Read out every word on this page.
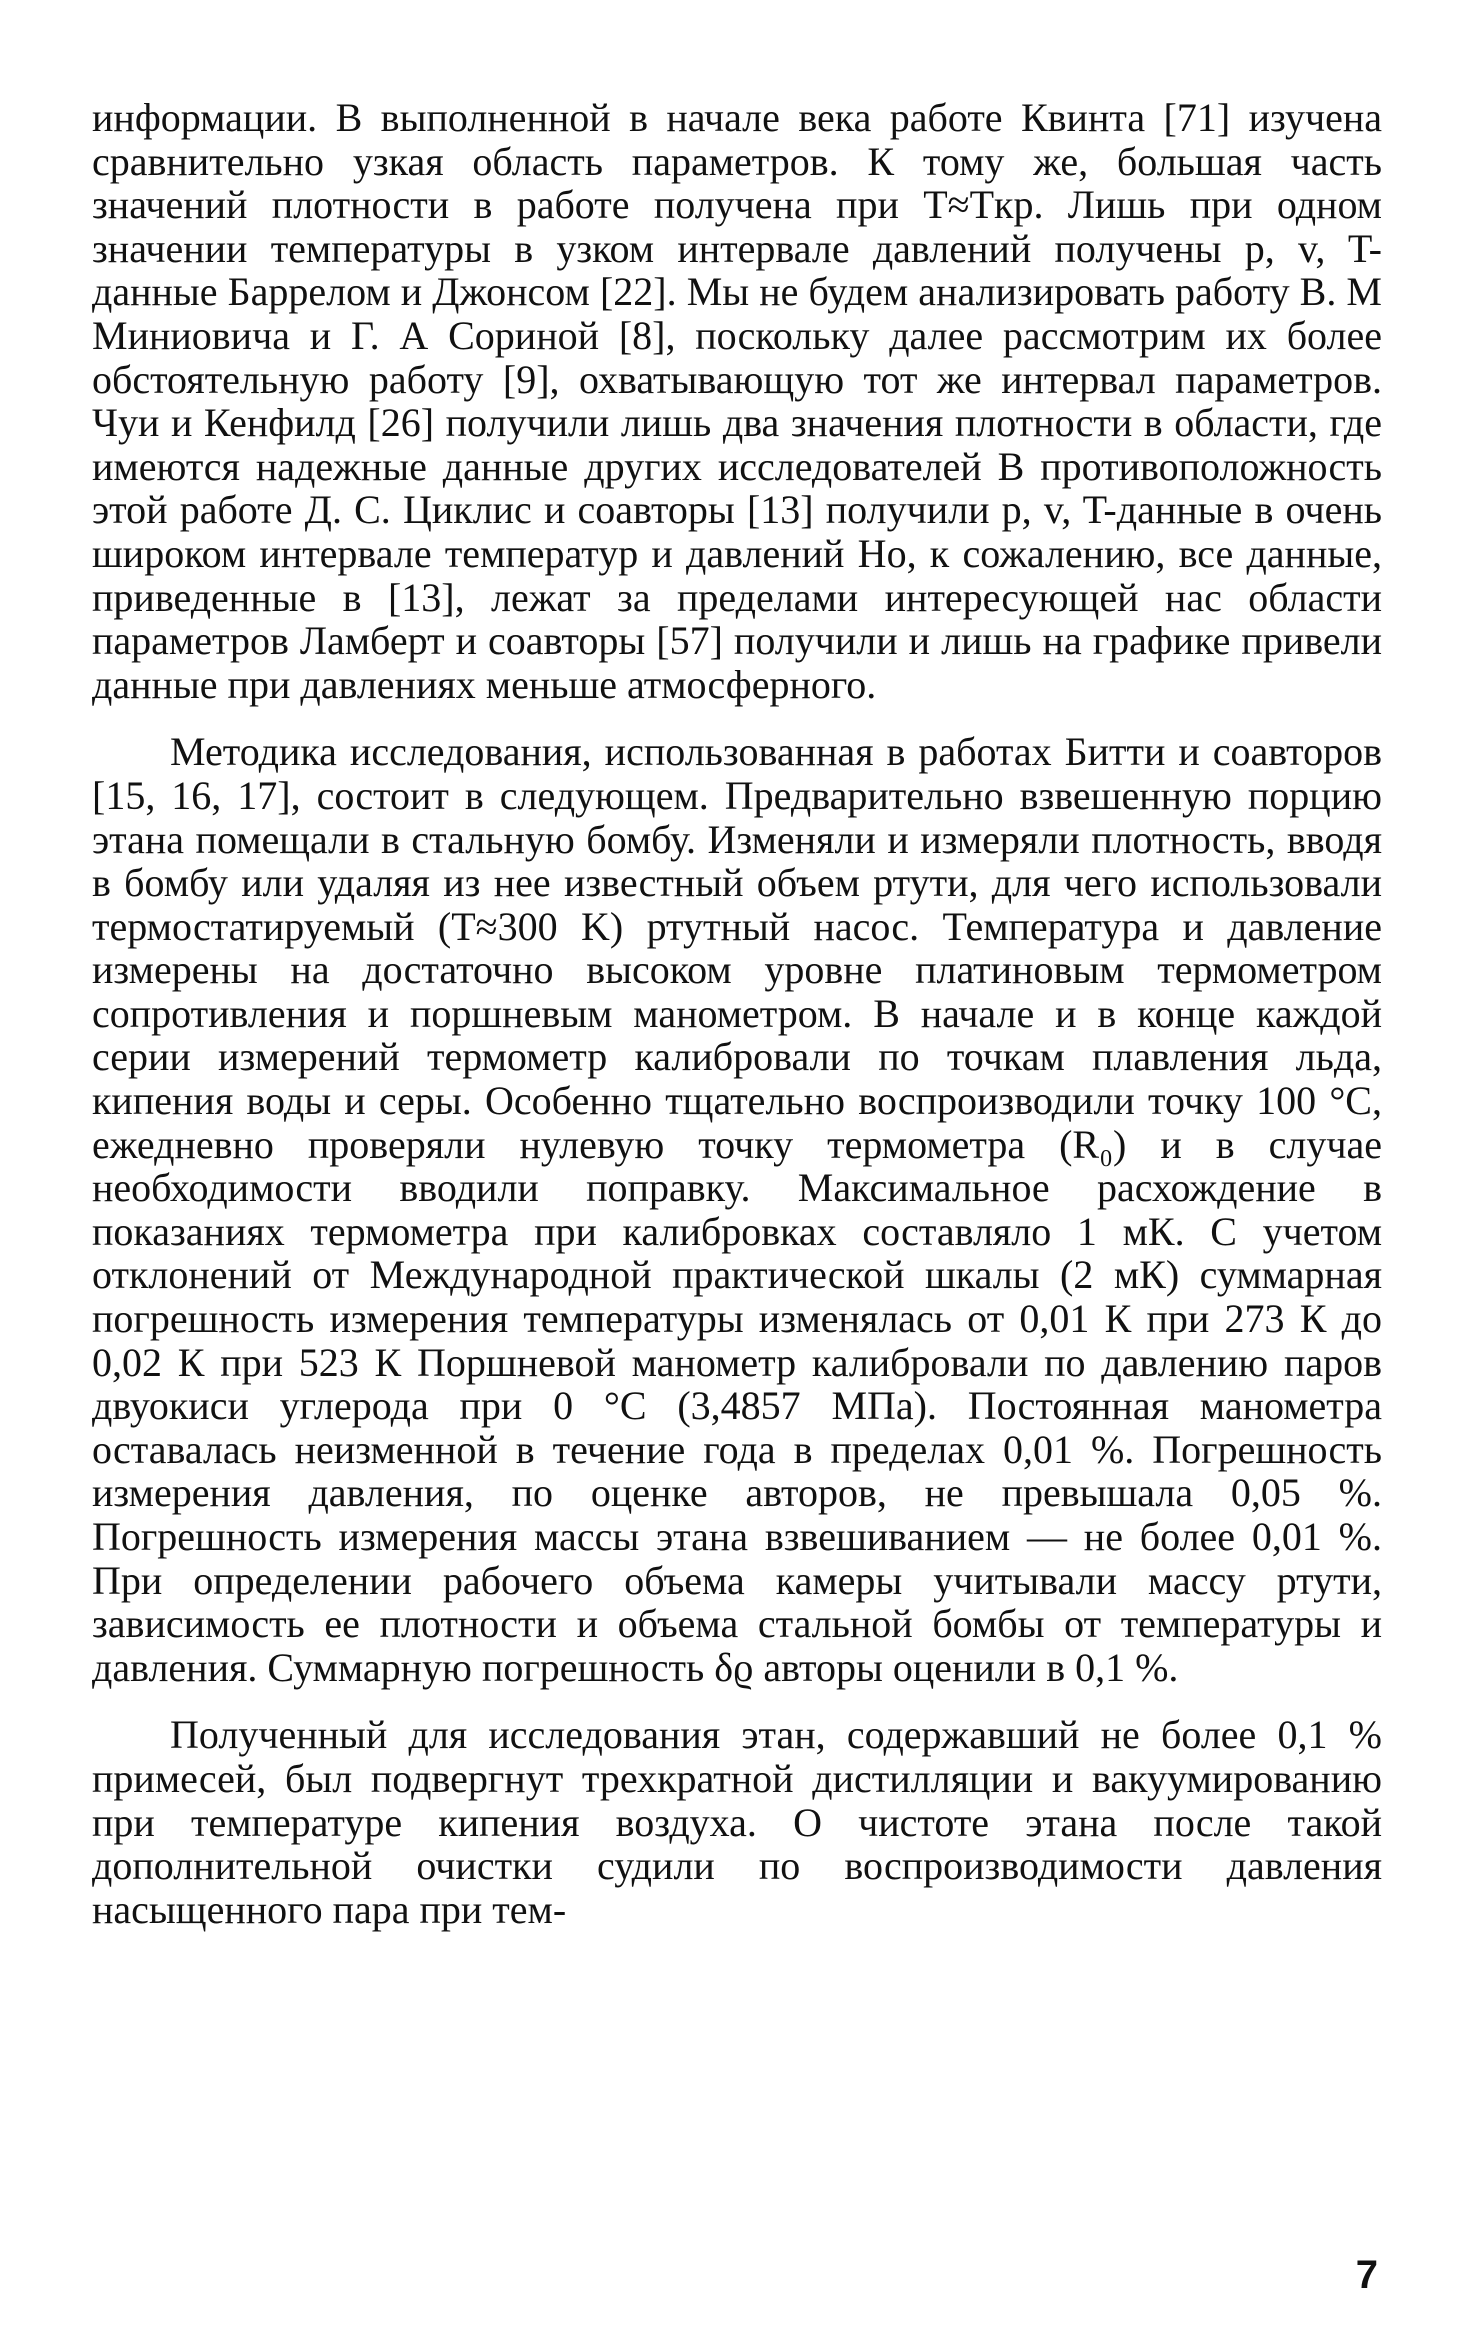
информации. В выполненной в начале века работе Квинта [71] изучена сравнительно узкая область параметров. К тому же, большая часть значений плотности в работе получена при T≈Tкр. Лишь при одном значении температуры в узком интервале давлений получены p, v, T-данные Баррелом и Джонсом [22]. Мы не будем анализировать работу В. М Миниовича и Г. А Сориной [8], поскольку далее рассмотрим их более обстоятельную работу [9], охватывающую тот же интервал параметров. Чуи и Кенфилд [26] получили лишь два значения плотности в области, где имеются надежные данные других исследователей В противоположность этой работе Д. С. Циклис и соавторы [13] получили p, v, T-данные в очень широком интервале температур и давлений Но, к сожалению, все данные, приведенные в [13], лежат за пределами интересующей нас области параметров Ламберт и соавторы [57] получили и лишь на графике привели данные при давлениях меньше атмосферного.

Методика исследования, использованная в работах Битти и соавторов [15, 16, 17], состоит в следующем. Предварительно взвешенную порцию этана помещали в стальную бомбу. Изменяли и измеряли плотность, вводя в бомбу или удаляя из нее известный объем ртути, для чего использовали термостатируемый (T≈300 K) ртутный насос. Температура и давление измерены на достаточно высоком уровне платиновым термометром сопротивления и поршневым манометром. В начале и в конце каждой серии измерений термометр калибровали по точкам плавления льда, кипения воды и серы. Особенно тщательно воспроизводили точку 100 °C, ежедневно проверяли нулевую точку термометра (R₀) и в случае необходимости вводили поправку. Максимальное расхождение в показаниях термометра при калибровках составляло 1 мК. С учетом отклонений от Международной практической шкалы (2 мК) суммарная погрешность измерения температуры изменялась от 0,01 К при 273 К до 0,02 К при 523 К Поршневой манометр калибровали по давлению паров двуокиси углерода при 0 °C (3,4857 МПа). Постоянная манометра оставалась неизменной в течение года в пределах 0,01 %. Погрешность измерения давления, по оценке авторов, не превышала 0,05 %. Погрешность измерения массы этана взвешиванием — не более 0,01 %. При определении рабочего объема камеры учитывали массу ртути, зависимость ее плотности и объема стальной бомбы от температуры и давления. Суммарную погрешность δϱ авторы оценили в 0,1 %.

Полученный для исследования этан, содержавший не более 0,1 % примесей, был подвергнут трехкратной дистилляции и вакуумированию при температуре кипения воздуха. О чистоте этана после такой дополнительной очистки судили по воспроизводимости давления насыщенного пара при тем-

7
